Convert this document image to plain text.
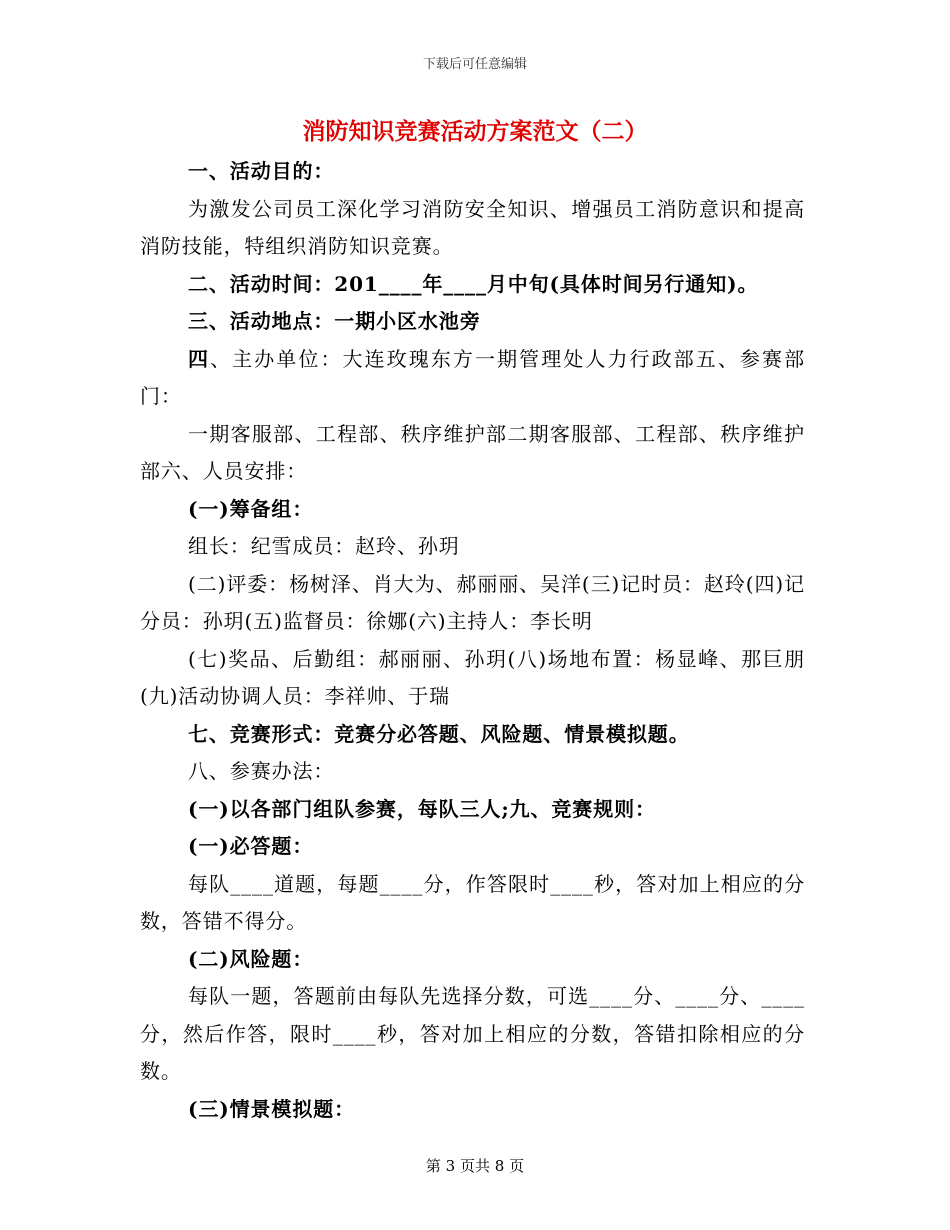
下载后可任意编辑
消防知识竞赛活动方案范文（二）

一、活动目的：

为激发公司员工深化学习消防安全知识、增强员工消防意识和提高消防技能，特组织消防知识竞赛。

二、活动时间：201____年____月中旬(具体时间另行通知)。

三、活动地点：一期小区水池旁

四、主办单位：大连玫瑰东方一期管理处人力行政部五、参赛部门：

一期客服部、工程部、秩序维护部二期客服部、工程部、秩序维护部六、人员安排：

(一)筹备组：

组长：纪雪成员：赵玲、孙玥

(二)评委：杨树泽、肖大为、郝丽丽、吴洋(三)记时员：赵玲(四)记分员：孙玥(五)监督员：徐娜(六)主持人：李长明

(七)奖品、后勤组：郝丽丽、孙玥(八)场地布置：杨显峰、那巨朋(九)活动协调人员：李祥帅、于瑞

七、竞赛形式：竞赛分必答题、风险题、情景模拟题。

八、参赛办法：

(一)以各部门组队参赛，每队三人;九、竞赛规则：

(一)必答题：

每队____道题，每题____分，作答限时____秒，答对加上相应的分数，答错不得分。

(二)风险题：

每队一题，答题前由每队先选择分数，可选____分、____分、____分，然后作答，限时____秒，答对加上相应的分数，答错扣除相应的分数。

(三)情景模拟题：

第 3 页共 8 页
